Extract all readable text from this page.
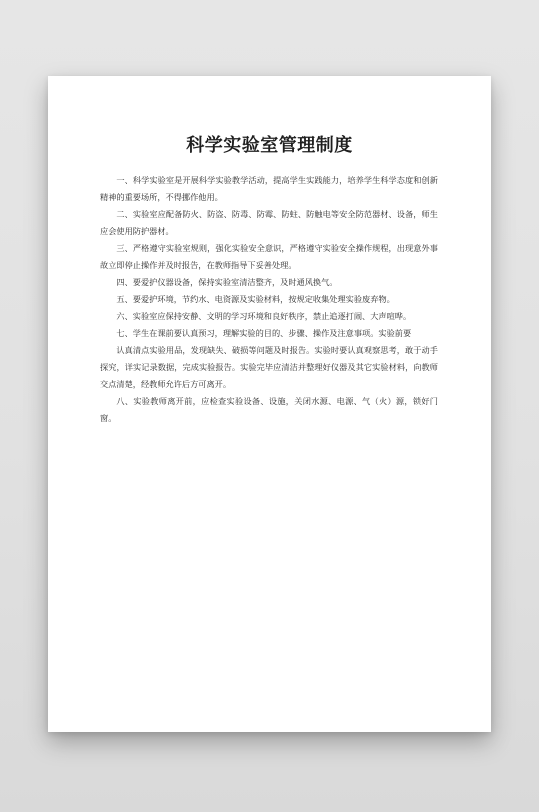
科学实验室管理制度

一、科学实验室是开展科学实验教学活动，提高学生实践能力，培养学生科学态度和创新精神的重要场所，不得挪作他用。

二、实验室应配备防火、防盗、防毒、防霉、防蛀、防触电等安全防范器材、设备，师生应会使用防护器材。

三、严格遵守实验室规则，强化实验安全意识，严格遵守实验安全操作规程，出现意外事故立即停止操作并及时报告，在教师指导下妥善处理。

四、要爱护仪器设备，保持实验室清洁整齐，及时通风换气。

五、要爱护环境，节约水、电资源及实验材料，按规定收集处理实验废弃物。

六、实验室应保持安静、文明的学习环境和良好秩序，禁止追逐打闹、大声喧哗。

七、学生在课前要认真预习，理解实验的目的、步骤、操作及注意事项。实验前要

认真清点实验用品，发现缺失、破损等问题及时报告。实验时要认真观察思考，敢于动手探究，详实记录数据，完成实验报告。实验完毕应清洁并整理好仪器及其它实验材料，向教师交点清楚，经教师允许后方可离开。

八、实验教师离开前，应检查实验设备、设施，关闭水源、电源、气（火）源，锁好门窗。
